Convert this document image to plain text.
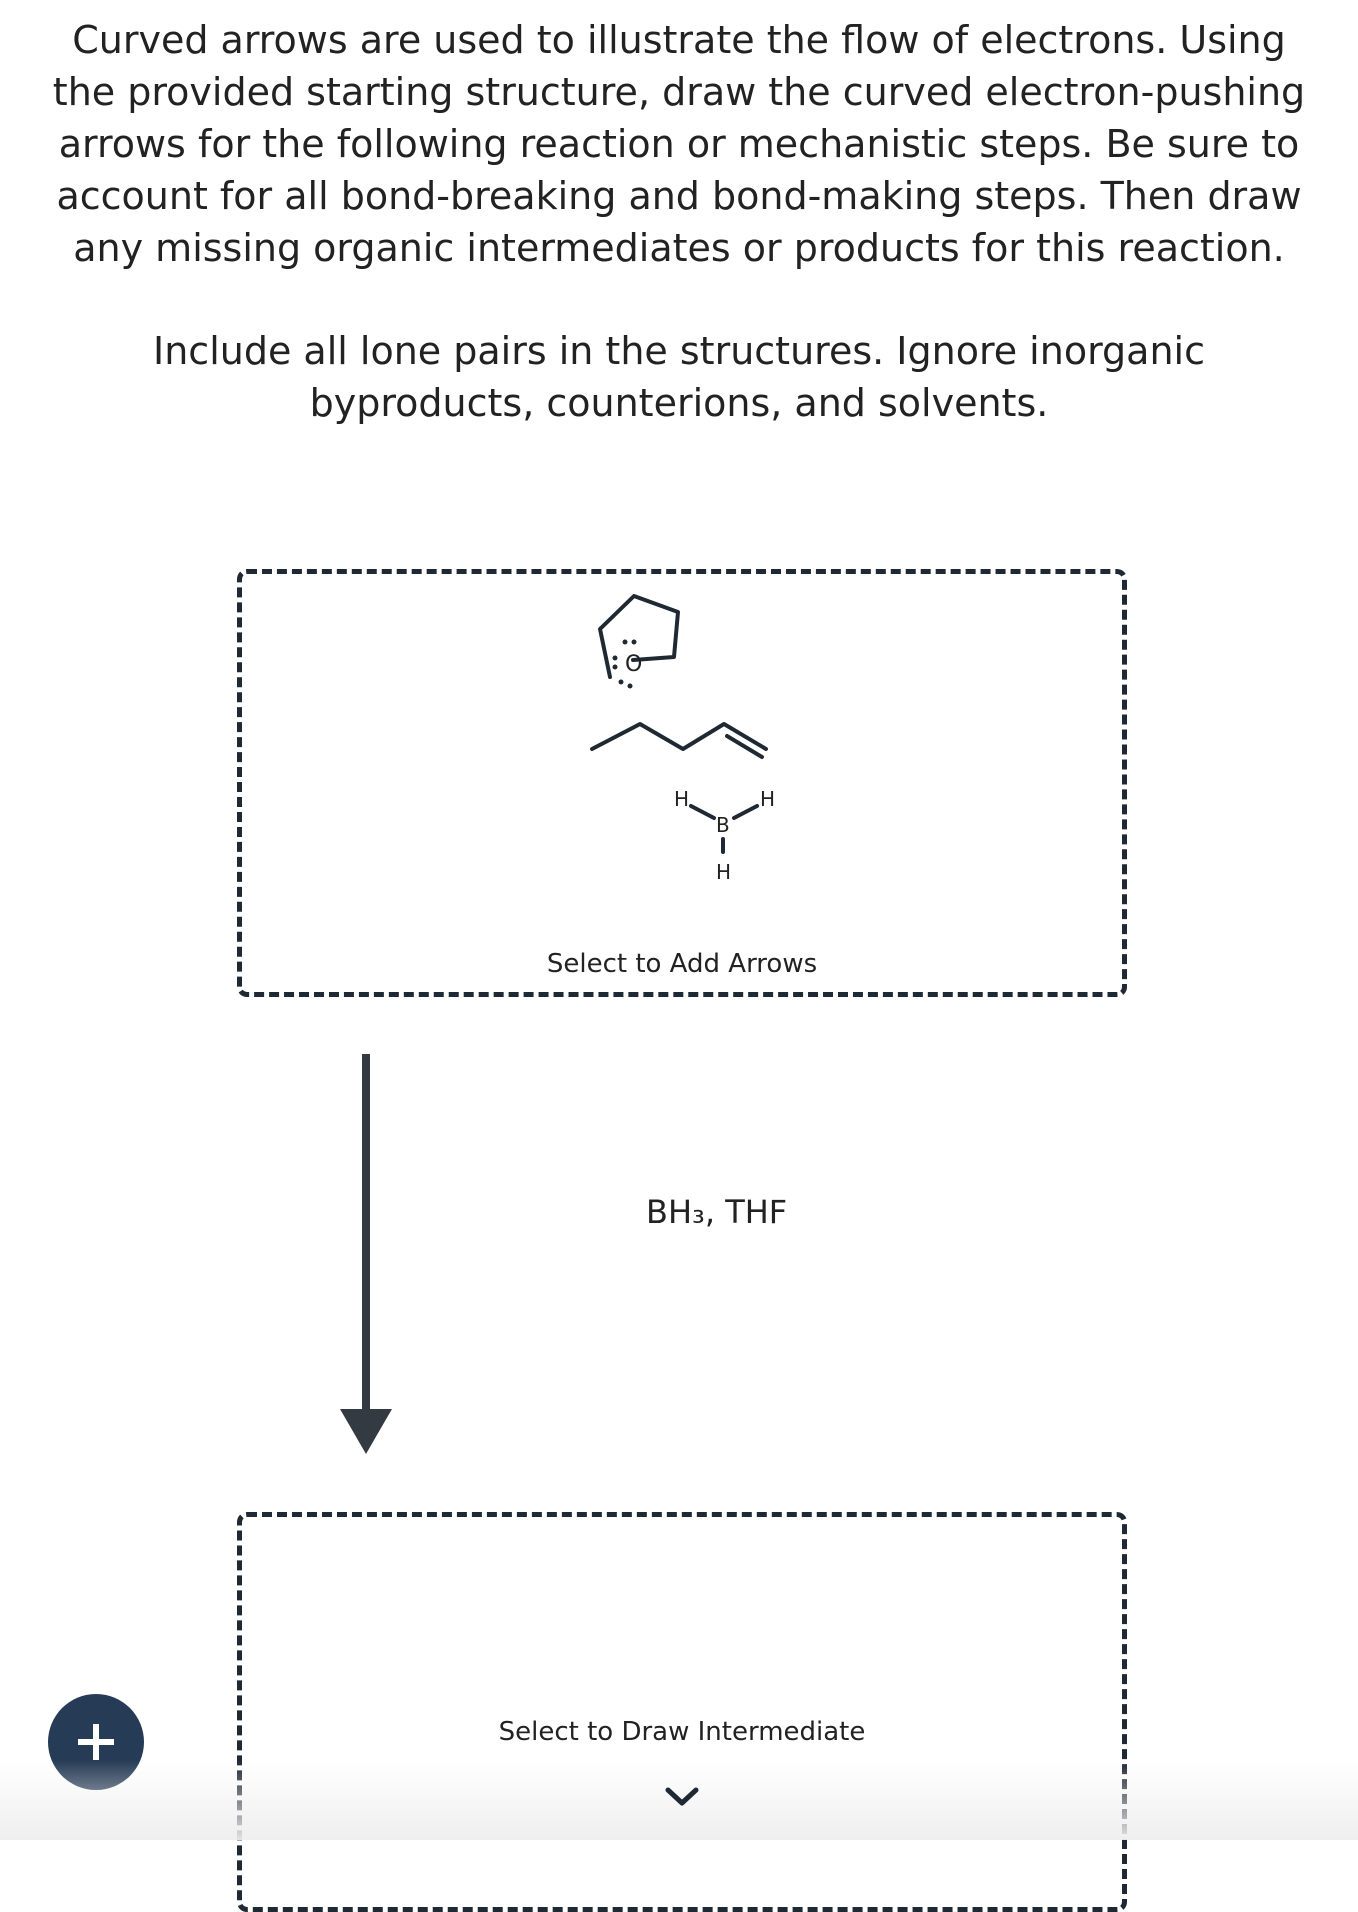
Curved arrows are used to illustrate the flow of electrons. Using the provided starting structure, draw the curved electron-pushing arrows for the following reaction or mechanistic steps. Be sure to account for all bond-breaking and bond-making steps. Then draw any missing organic intermediates or products for this reaction.

Include all lone pairs in the structures. Ignore inorganic byproducts, counterions, and solvents.

O
H
B
H
H
Select to Add Arrows
BH₃, THF
Select to Draw Intermediate
